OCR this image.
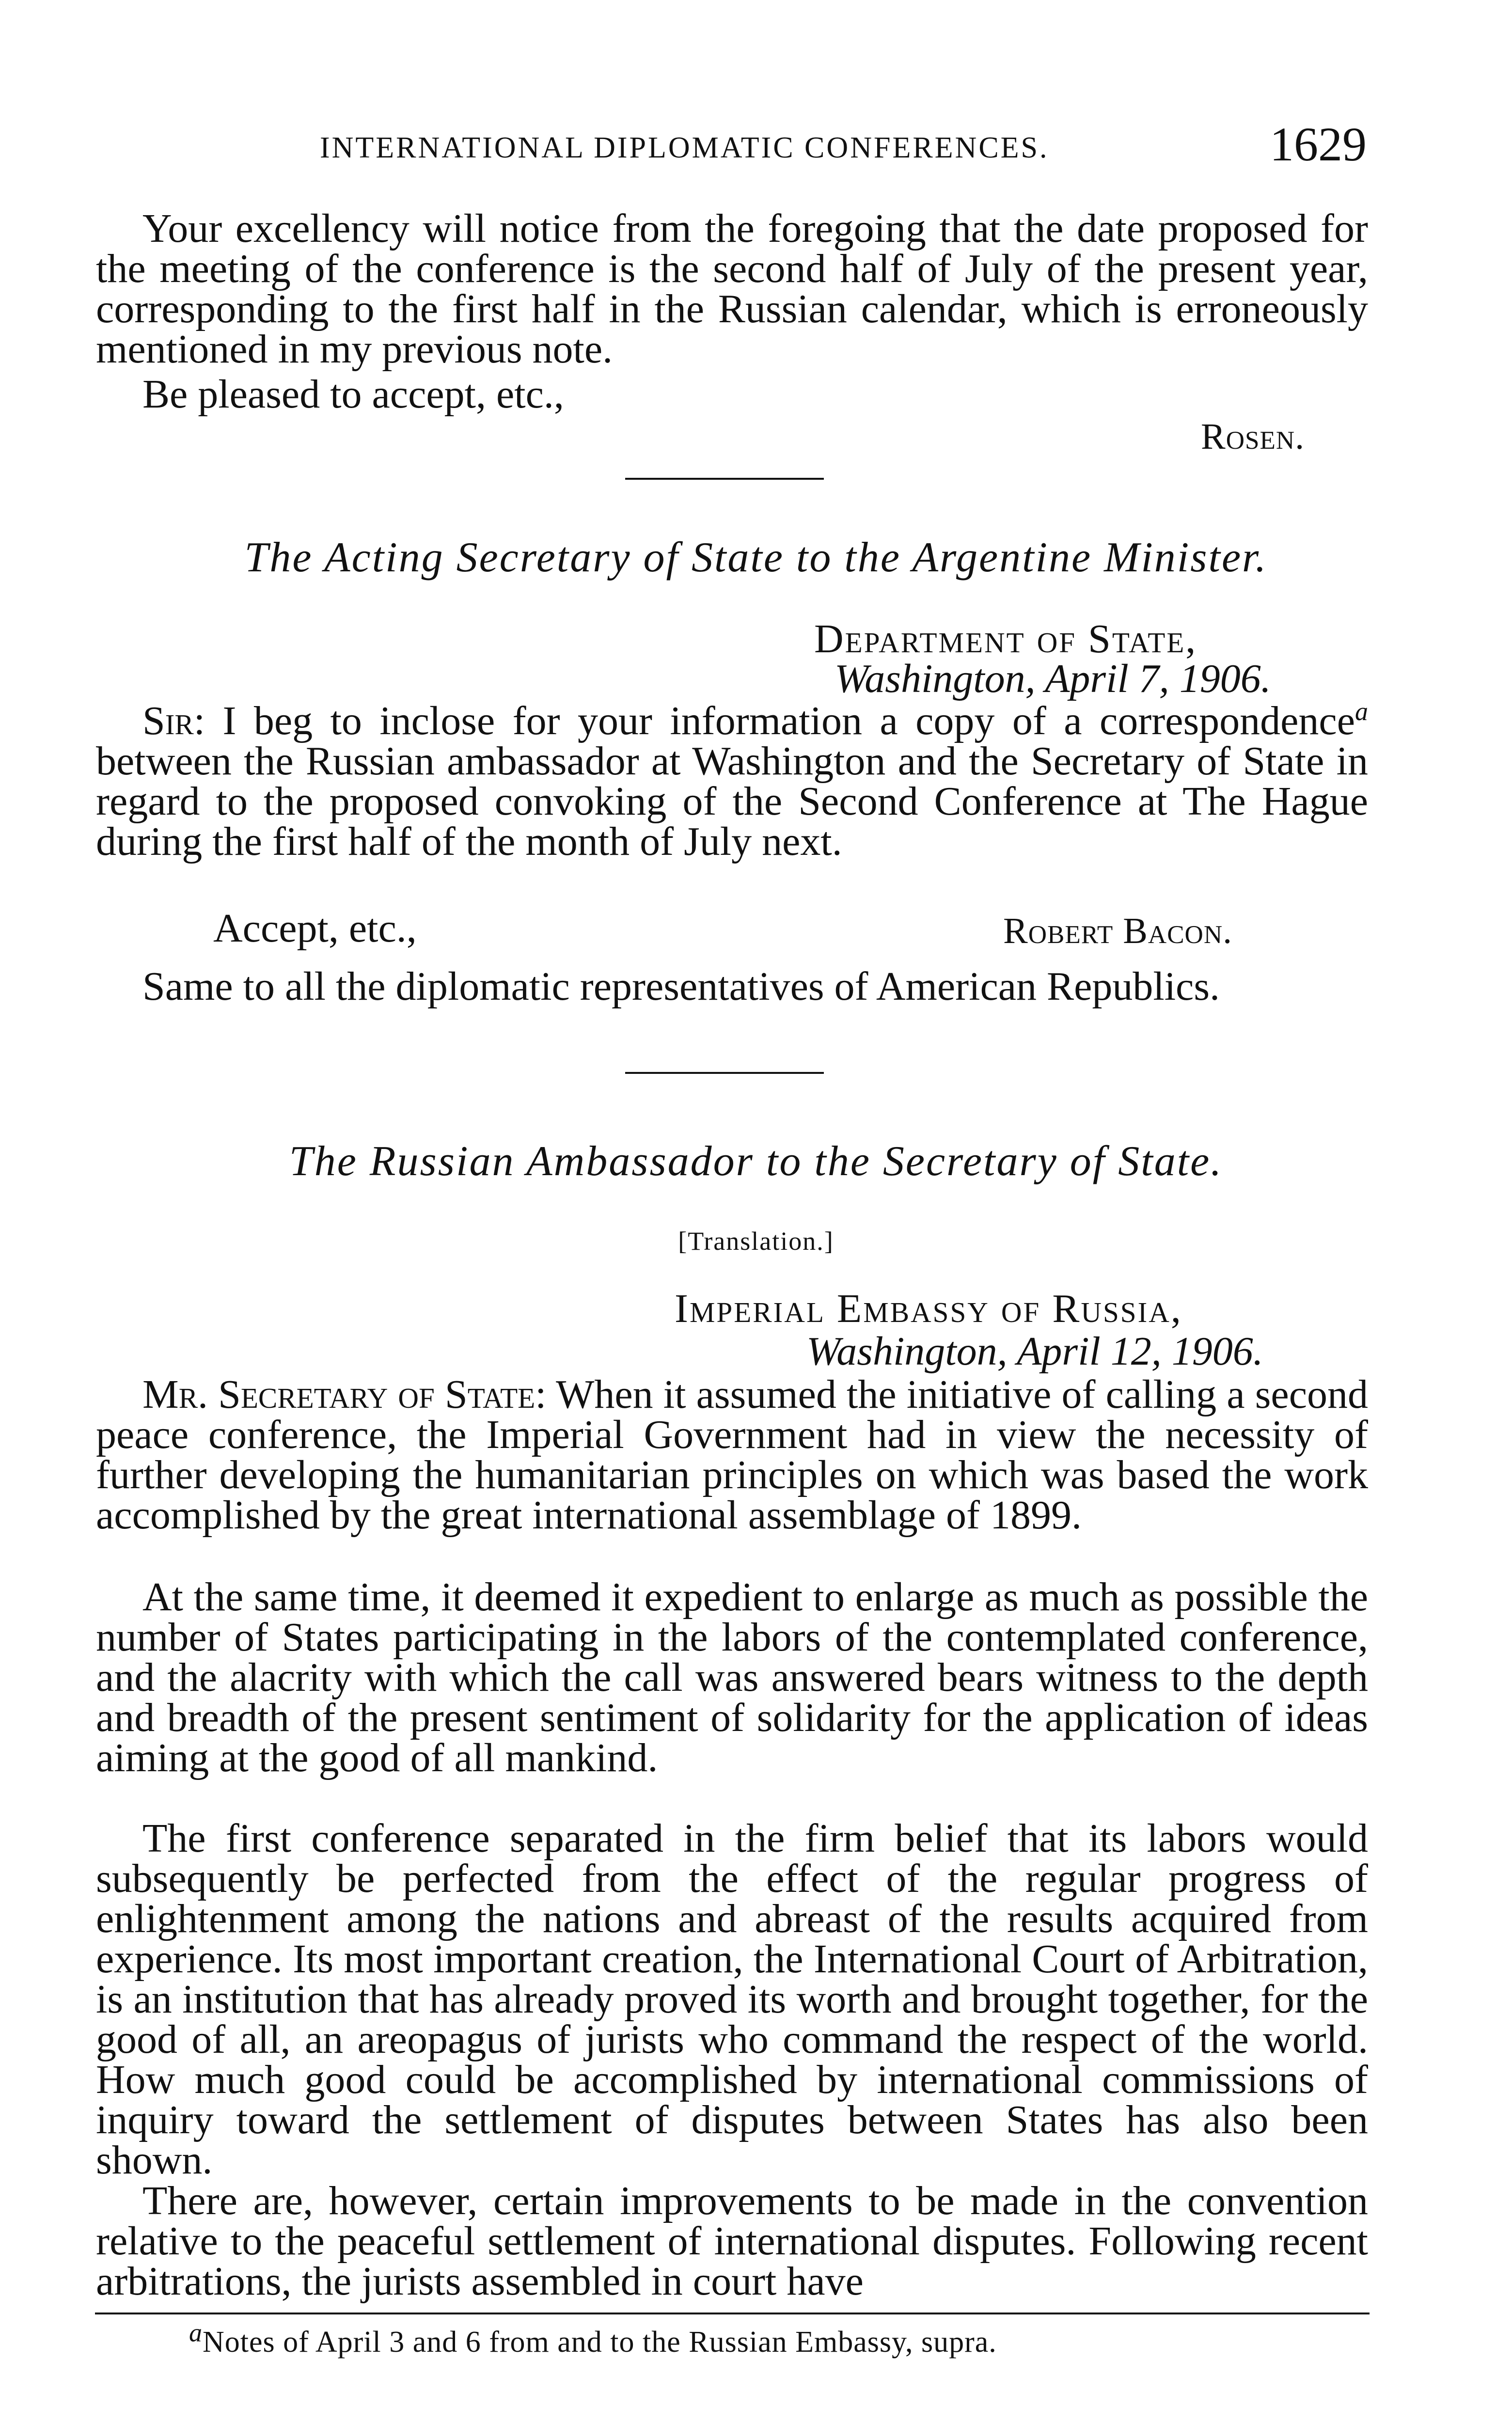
INTERNATIONAL DIPLOMATIC CONFERENCES.	1629

Your excellency will notice from the foregoing that the date proposed for the meeting of the conference is the second half of July of the present year, corresponding to the first half in the Russian calendar, which is erroneously mentioned in my previous note.

Be pleased to accept, etc.,
Rosen.
The Acting Secretary of State to the Argentine Minister.
Department of State,
Washington, April 7, 1906.

Sir: I beg to inclose for your information a copy of a correspondence$^a$ between the Russian ambassador at Washington and the Secretary of State in regard to the proposed convoking of the Second Conference at The Hague during the first half of the month of July next.

Accept, etc.,	Robert Bacon.
Same to all the diplomatic representatives of American Republics.
The Russian Ambassador to the Secretary of State.
[Translation.]
Imperial Embassy of Russia,
Washington, April 12, 1906.

Mr. Secretary of State: When it assumed the initiative of calling a second peace conference, the Imperial Government had in view the necessity of further developing the humanitarian principles on which was based the work accomplished by the great international assemblage of 1899.

At the same time, it deemed it expedient to enlarge as much as possible the number of States participating in the labors of the contemplated conference, and the alacrity with which the call was answered bears witness to the depth and breadth of the present sentiment of solidarity for the application of ideas aiming at the good of all mankind.

The first conference separated in the firm belief that its labors would subsequently be perfected from the effect of the regular progress of enlightenment among the nations and abreast of the results acquired from experience. Its most important creation, the International Court of Arbitration, is an institution that has already proved its worth and brought together, for the good of all, an areopagus of jurists who command the respect of the world. How much good could be accomplished by international commissions of inquiry toward the settlement of disputes between States has also been shown.

There are, however, certain improvements to be made in the convention relative to the peaceful settlement of international disputes. Following recent arbitrations, the jurists assembled in court have

$^a$Notes of April 3 and 6 from and to the Russian Embassy, supra.
